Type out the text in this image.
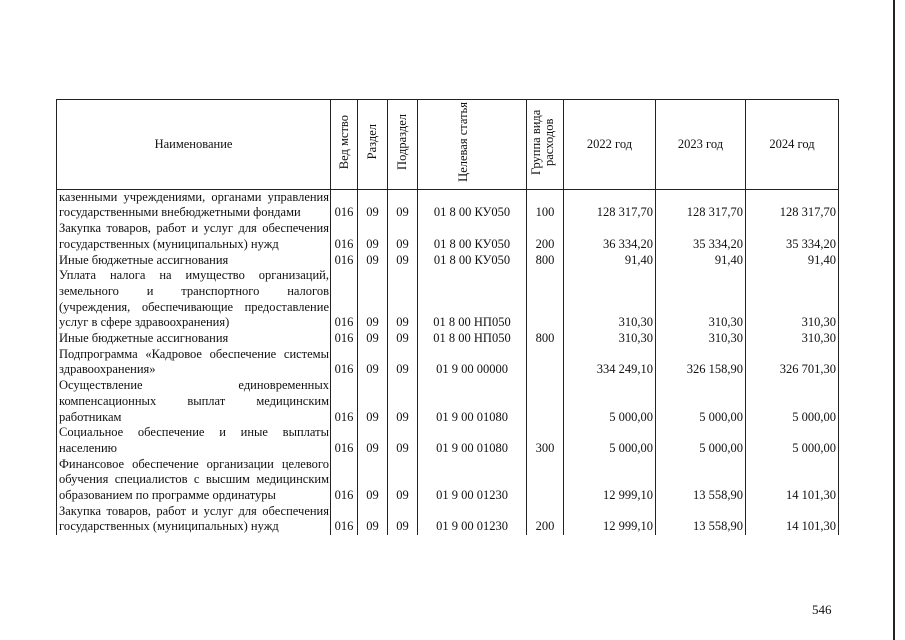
Наименование	Вед мство	Раздел	Подраздел	Целевая статья	Группа вида расходов	2022 год	2023 год	2024 год
казенными учреждениями, органами управления государственными внебюджетными фондами	016	09	09	01 8 00 КУ050	100	128 317,70	128 317,70	128 317,70
Закупка товаров, работ и услуг для обеспечения государственных (муниципальных) нужд	016	09	09	01 8 00 КУ050	200	36 334,20	35 334,20	35 334,20
Иные бюджетные ассигнования	016	09	09	01 8 00 КУ050	800	91,40	91,40	91,40
Уплата налога на имущество организаций, земельного и транспортного налогов (учреждения, обеспечивающие предоставление услуг в сфере здравоохранения)	016	09	09	01 8 00 НП050		310,30	310,30	310,30
Иные бюджетные ассигнования	016	09	09	01 8 00 НП050	800	310,30	310,30	310,30
Подпрограмма «Кадровое обеспечение системы здравоохранения»	016	09	09	01 9 00 00000		334 249,10	326 158,90	326 701,30
Осуществление единовременных компенсационных выплат медицинским работникам	016	09	09	01 9 00 01080		5 000,00	5 000,00	5 000,00
Социальное обеспечение и иные выплаты населению	016	09	09	01 9 00 01080	300	5 000,00	5 000,00	5 000,00
Финансовое обеспечение организации целевого обучения специалистов с высшим медицинским образованием по программе ординатуры	016	09	09	01 9 00 01230		12 999,10	13 558,90	14 101,30
Закупка товаров, работ и услуг для обеспечения государственных (муниципальных) нужд	016	09	09	01 9 00 01230	200	12 999,10	13 558,90	14 101,30
546
